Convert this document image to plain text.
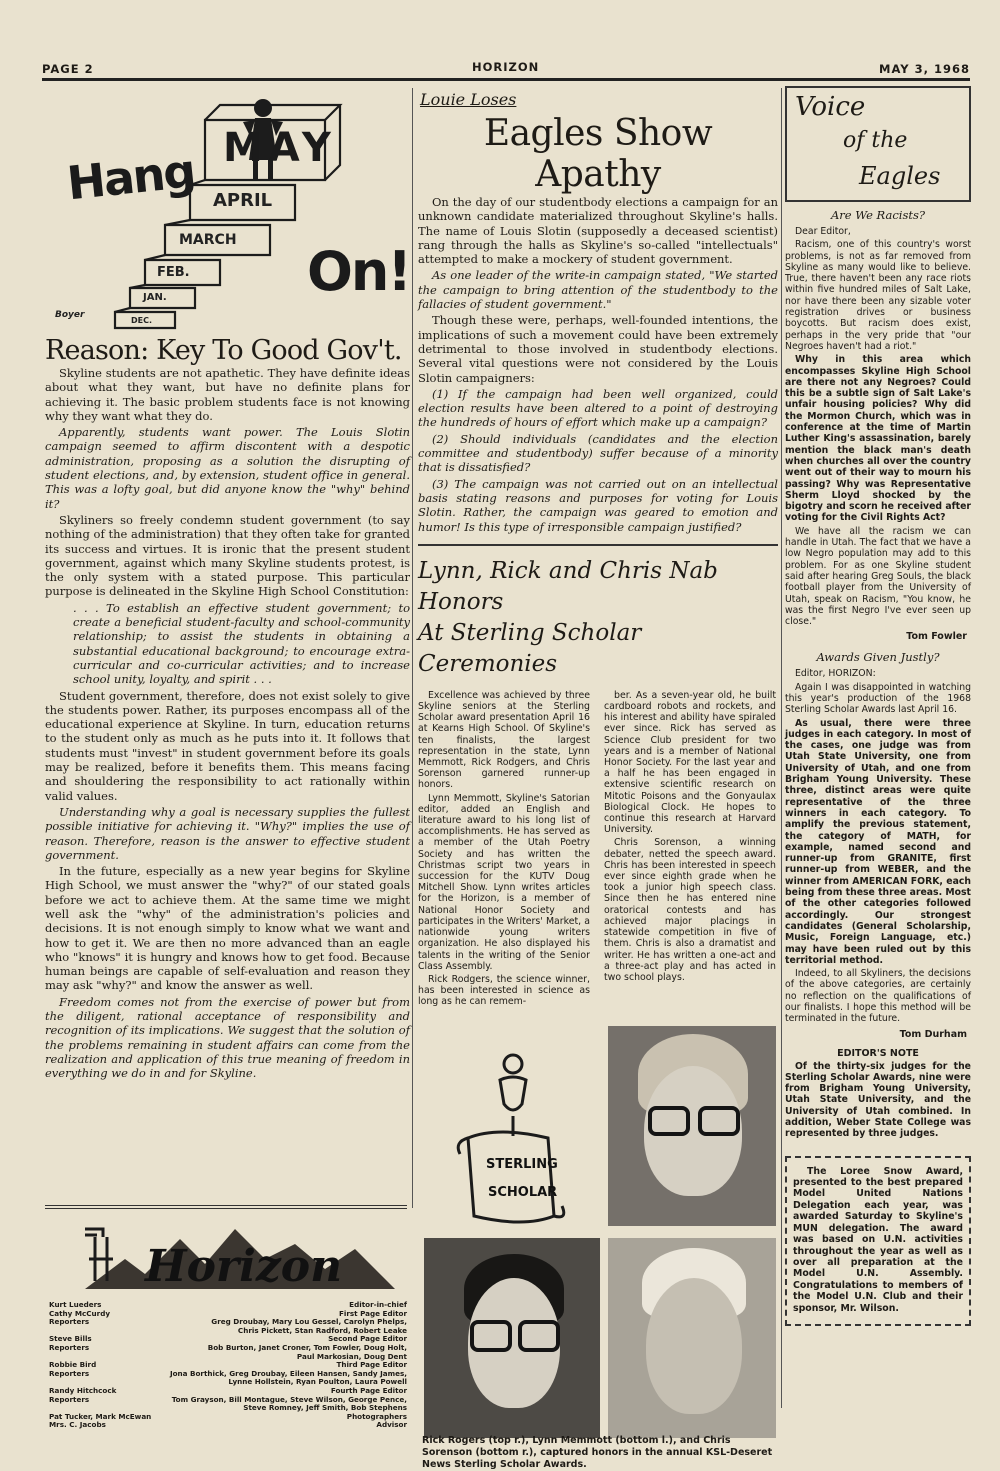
PAGE 2	HORIZON	MAY 3, 1968
Hang MAY
On!
APRIL
MARCH
FEB.
JAN.
DEC.
Boyer
Reason: Key To Good Gov't.

Skyline students are not apathetic. They have definite ideas about what they want, but have no definite plans for achieving it. The basic problem students face is not knowing why they want what they do.

Apparently, students want power. The Louis Slotin campaign seemed to affirm discontent with a despotic administration, proposing as a solution the disrupting of student elections, and, by extension, student office in general. This was a lofty goal, but did anyone know the "why" behind it?

Skyliners so freely condemn student government (to say nothing of the administration) that they often take for granted its success and virtues. It is ironic that the present student government, against which many Skyline students protest, is the only system with a stated purpose. This particular purpose is delineated in the Skyline High School Constitution:

. . . To establish an effective student government; to create a beneficial student-faculty and school-community relationship; to assist the students in obtaining a substantial educational background; to encourage extra-curricular and co-curricular activities; and to increase school unity, loyalty, and spirit . . .

Student government, therefore, does not exist solely to give the students power. Rather, its purposes encompass all of the educational experience at Skyline. In turn, education returns to the student only as much as he puts into it. It follows that students must "invest" in student government before its goals may be realized, before it benefits them. This means facing and shouldering the responsibility to act rationally within valid values.

Understanding why a goal is necessary supplies the fullest possible initiative for achieving it. "Why?" implies the use of reason. Therefore, reason is the answer to effective student government.

In the future, especially as a new year begins for Skyline High School, we must answer the "why?" of our stated goals before we act to achieve them. At the same time we might well ask the "why" of the administration's policies and decisions. It is not enough simply to know what we want and how to get it. We are then no more advanced than an eagle who "knows" it is hungry and knows how to get food. Because human beings are capable of self-evaluation and reason they may ask "why?" and know the answer as well.

Freedom comes not from the exercise of power but from the diligent, rational acceptance of responsibility and recognition of its implications. We suggest that the solution of the problems remaining in student affairs can come from the realization and application of this true meaning of freedom in everything we do in and for Skyline.

Horizon
Kurt Lueders	Editor-in-chief
Cathy McCurdy	First Page Editor
Reporters	Greg Droubay, Mary Lou Gessel, Carolyn Phelps,
Chris Pickett, Stan Radford, Robert Leake
Steve Bills	Second Page Editor
Reporters	Bob Burton, Janet Croner, Tom Fowler, Doug Holt,
Paul Markosian, Doug Dent
Robbie Bird	Third Page Editor
Reporters	Jona Borthick, Greg Droubay, Eileen Hansen, Sandy James,
Lynne Hollstein, Ryan Poulton, Laura Powell
Randy Hitchcock	Fourth Page Editor
Reporters	Tom Grayson, Bill Montague, Steve Wilson, George Pence,
Steve Romney, Jeff Smith, Bob Stephens
Pat Tucker, Mark McEwan	Photographers
Mrs. C. Jacobs	Advisor
Louie Loses
Eagles Show Apathy

On the day of our studentbody elections a campaign for an unknown candidate materialized throughout Skyline's halls. The name of Louis Slotin (supposedly a deceased scientist) rang through the halls as Skyline's so-called "intellectuals" attempted to make a mockery of student government.

As one leader of the write-in campaign stated, "We started the campaign to bring attention of the studentbody to the fallacies of student government."

Though these were, perhaps, well-founded intentions, the implications of such a movement could have been extremely detrimental to those involved in studentbody elections. Several vital questions were not considered by the Louis Slotin campaigners:

(1) If the campaign had been well organized, could election results have been altered to a point of destroying the hundreds of hours of effort which make up a campaign?

(2) Should individuals (candidates and the election committee and studentbody) suffer because of a minority that is dissatisfied?

(3) The campaign was not carried out on an intellectual basis stating reasons and purposes for voting for Louis Slotin. Rather, the campaign was geared to emotion and humor! Is this type of irresponsible campaign justified?

Lynn, Rick and Chris Nab Honors
At Sterling Scholar Ceremonies

Excellence was achieved by three Skyline seniors at the Sterling Scholar award presentation April 16 at Kearns High School. Of Skyline's ten finalists, the largest representation in the state, Lynn Memmott, Rick Rodgers, and Chris Sorenson garnered runner-up honors.

Lynn Memmott, Skyline's Satorian editor, added an English and literature award to his long list of accomplishments. He has served as a member of the Utah Poetry Society and has written the Christmas script two years in succession for the KUTV Doug Mitchell Show. Lynn writes articles for the Horizon, is a member of National Honor Society and participates in the Writers' Market, a nationwide young writers organization. He also displayed his talents in the writing of the Senior Class Assembly.

Rick Rodgers, the science winner, has been interested in science as long as he can remem-

ber. As a seven-year old, he built cardboard robots and rockets, and his interest and ability have spiraled ever since. Rick has served as Science Club president for two years and is a member of National Honor Society. For the last year and a half he has been engaged in extensive scientific research on Mitotic Poisons and the Gonyaulax Biological Clock. He hopes to continue this research at Harvard University.

Chris Sorenson, a winning debater, netted the speech award. Chris has been interested in speech ever since eighth grade when he took a junior high speech class. Since then he has entered nine oratorical contests and has achieved major placings in statewide competition in five of them. Chris is also a dramatist and writer. He has written a one-act and a three-act play and has acted in two school plays.

STERLING
SCHOLAR
Rick Rogers (top r.), Lynn Memmott (bottom l.), and Chris Sorenson (bottom r.), captured honors in the annual KSL-Deseret News Sterling Scholar Awards.
Voice
of the
Eagles
Are We Racists?

Dear Editor,

Racism, one of this country's worst problems, is not as far removed from Skyline as many would like to believe. True, there haven't been any race riots within five hundred miles of Salt Lake, nor have there been any sizable voter registration drives or business boycotts. But racism does exist, perhaps in the very pride that "our Negroes haven't had a riot."

Why in this area which encompasses Skyline High School are there not any Negroes? Could this be a subtle sign of Salt Lake's unfair housing policies? Why did the Mormon Church, which was in conference at the time of Martin Luther King's assassination, barely mention the black man's death when churches all over the country went out of their way to mourn his passing? Why was Representative Sherm Lloyd shocked by the bigotry and scorn he received after voting for the Civil Rights Act?

We have all the racism we can handle in Utah. The fact that we have a low Negro population may add to this problem. For as one Skyline student said after hearing Greg Souls, the black football player from the University of Utah, speak on Racism, "You know, he was the first Negro I've ever seen up close."

Tom Fowler
Awards Given Justly?

Editor, HORIZON:

Again I was disappointed in watching this year's production of the 1968 Sterling Scholar Awards last April 16.

As usual, there were three judges in each category. In most of the cases, one judge was from Utah State University, one from University of Utah, and one from Brigham Young University. These three, distinct areas were quite representative of the three winners in each category. To amplify the previous statement, the category of MATH, for example, named second and runner-up from GRANITE, first runner-up from WEBER, and the winner from AMERICAN FORK, each being from these three areas. Most of the other categories followed accordingly. Our strongest candidates (General Scholarship, Music, Foreign Language, etc.) may have been ruled out by this territorial method.

Indeed, to all Skyliners, the decisions of the above categories, are certainly no reflection on the qualifications of our finalists. I hope this method will be terminated in the future.

Tom Durham
EDITOR'S NOTE

Of the thirty-six judges for the Sterling Scholar Awards, nine were from Brigham Young University, Utah State University, and the University of Utah combined. In addition, Weber State College was represented by three judges.

The Loree Snow Award, presented to the best prepared Model United Nations Delegation each year, was awarded Saturday to Skyline's MUN delegation. The award was based on U.N. activities throughout the year as well as over all preparation at the Model U.N. Assembly. Congratulations to members of the Model U.N. Club and their sponsor, Mr. Wilson.
